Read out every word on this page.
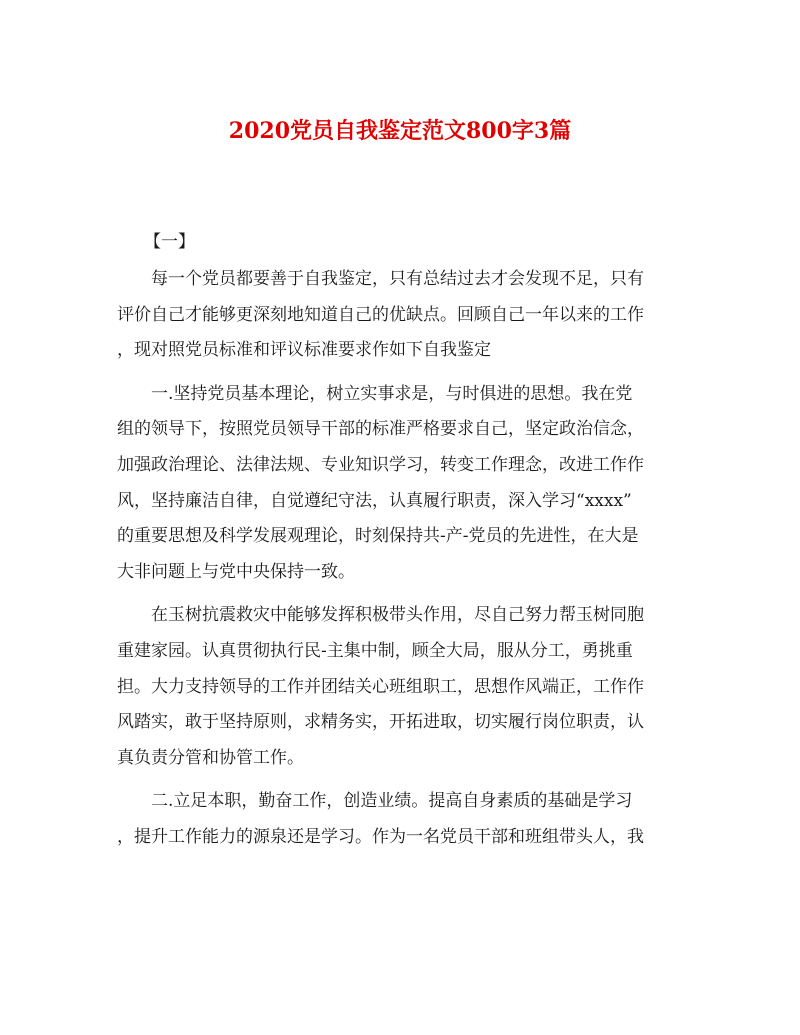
2020党员自我鉴定范文800字3篇
【一】
　　每一个党员都要善于自我鉴定，只有总结过去才会发现不足，只有
评价自己才能够更深刻地知道自己的优缺点。回顾自己一年以来的工作
，现对照党员标准和评议标准要求作如下自我鉴定
　　一.坚持党员基本理论，树立实事求是，与时俱进的思想。我在党
组的领导下，按照党员领导干部的标准严格要求自己，坚定政治信念，
加强政治理论、法律法规、专业知识学习，转变工作理念，改进工作作
风，坚持廉洁自律，自觉遵纪守法，认真履行职责，深入学习“xxxx”
的重要思想及科学发展观理论，时刻保持共-产-党员的先进性，在大是
大非问题上与党中央保持一致。
　　在玉树抗震救灾中能够发挥积极带头作用，尽自己努力帮玉树同胞
重建家园。认真贯彻执行民-主集中制，顾全大局，服从分工，勇挑重
担。大力支持领导的工作并团结关心班组职工，思想作风端正，工作作
风踏实，敢于坚持原则，求精务实，开拓进取，切实履行岗位职责，认
真负责分管和协管工作。
　　二.立足本职，勤奋工作，创造业绩。提高自身素质的基础是学习
，提升工作能力的源泉还是学习。作为一名党员干部和班组带头人，我
